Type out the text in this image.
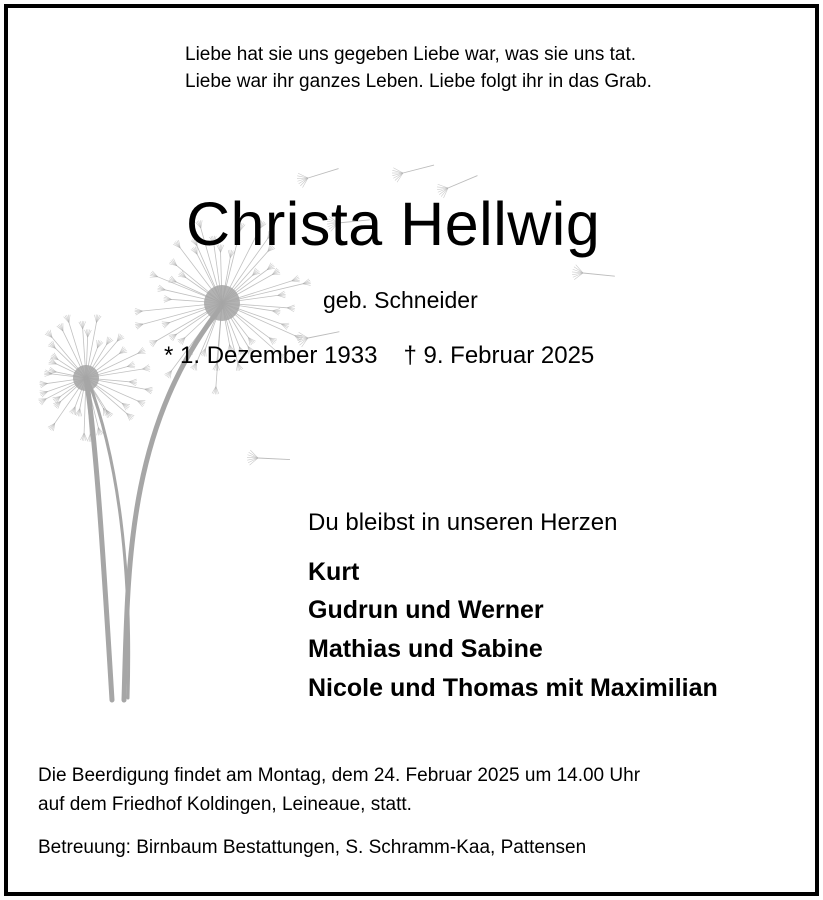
Liebe hat sie uns gegeben Liebe war, was sie uns tat.
Liebe war ihr ganzes Leben. Liebe folgt ihr in das Grab.
Christa Hellwig
geb. Schneider
* 1. Dezember 1933 † 9. Februar 2025
Du bleibst in unseren Herzen
Kurt
Gudrun und Werner
Mathias und Sabine
Nicole und Thomas mit Maximilian
Die Beerdigung findet am Montag, dem 24. Februar 2025 um 14.00 Uhr
auf dem Friedhof Koldingen, Leineaue, statt.
Betreuung: Birnbaum Bestattungen, S. Schramm-Kaa, Pattensen
